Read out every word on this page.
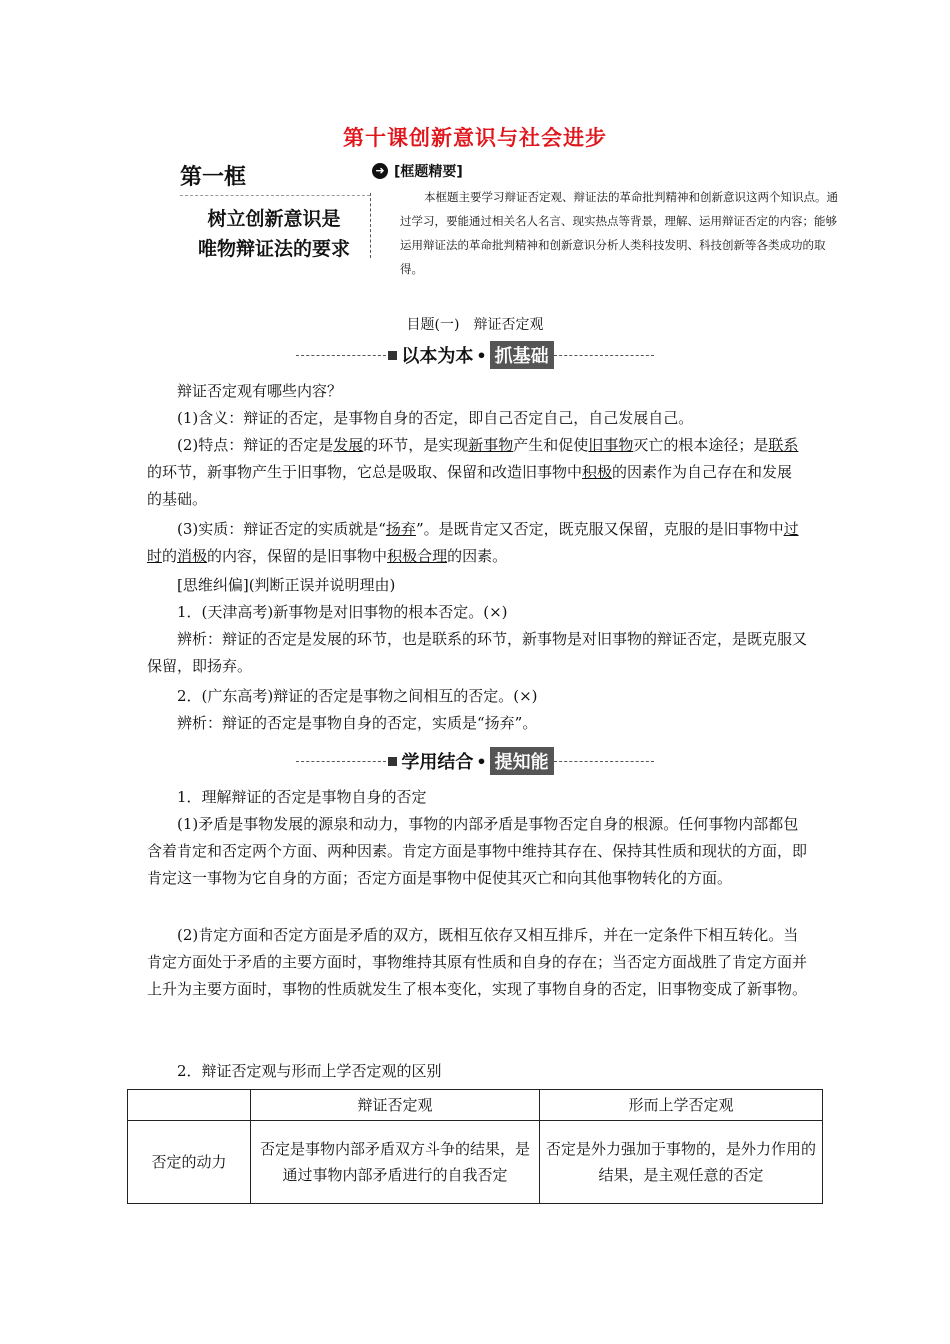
第十课创新意识与社会进步
第一框
树立创新意识是
唯物辩证法的要求
➜ [框题精要]
本框题主要学习辩证否定观、辩证法的革命批判精神和创新意识这两个知识点。通过学习，要能通过相关名人名言、现实热点等背景，理解、运用辩证否定的内容；能够运用辩证法的革命批判精神和创新意识分析人类科技发明、科技创新等各类成功的取得。
目题(一)　辩证否定观
以本为本 • 抓基础
辩证否定观有哪些内容？
(1)含义：辩证的否定，是事物自身的否定，即自己否定自己，自己发展自己。
(2)特点：辩证的否定是发展的环节，是实现新事物产生和促使旧事物灭亡的根本途径；是联系的环节，新事物产生于旧事物，它总是吸取、保留和改造旧事物中积极的因素作为自己存在和发展的基础。
(3)实质：辩证否定的实质就是“扬弃”。是既肯定又否定，既克服又保留，克服的是旧事物中过时的消极的内容，保留的是旧事物中积极合理的因素。
[思维纠偏](判断正误并说明理由)
1．(天津高考)新事物是对旧事物的根本否定。(×)
辨析：辩证的否定是发展的环节，也是联系的环节，新事物是对旧事物的辩证否定，是既克服又保留，即扬弃。
2．(广东高考)辩证的否定是事物之间相互的否定。(×)
辨析：辩证的否定是事物自身的否定，实质是“扬弃”。
学用结合 • 提知能
1．理解辩证的否定是事物自身的否定
(1)矛盾是事物发展的源泉和动力，事物的内部矛盾是事物否定自身的根源。任何事物内部都包含着肯定和否定两个方面、两种因素。肯定方面是事物中维持其存在、保持其性质和现状的方面，即肯定这一事物为它自身的方面；否定方面是事物中促使其灭亡和向其他事物转化的方面。
(2)肯定方面和否定方面是矛盾的双方，既相互依存又相互排斥，并在一定条件下相互转化。当肯定方面处于矛盾的主要方面时，事物维持其原有性质和自身的存在；当否定方面战胜了肯定方面并上升为主要方面时，事物的性质就发生了根本变化，实现了事物自身的否定，旧事物变成了新事物。
2．辩证否定观与形而上学否定观的区别
	辩证否定观	形而上学否定观
否定的动力	否定是事物内部矛盾双方斗争的结果，是通过事物内部矛盾进行的自我否定	否定是外力强加于事物的，是外力作用的结果，是主观任意的否定
